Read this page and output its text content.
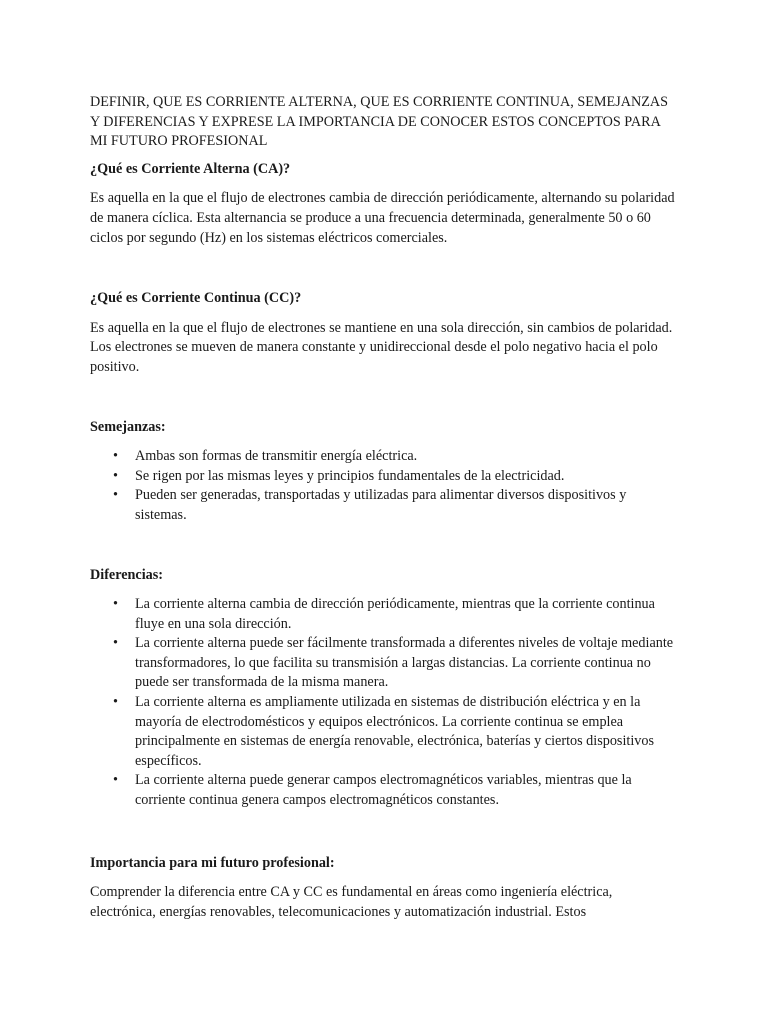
DEFINIR, QUE ES CORRIENTE ALTERNA, QUE ES CORRIENTE CONTINUA, SEMEJANZAS Y DIFERENCIAS Y EXPRESE LA IMPORTANCIA DE CONOCER ESTOS CONCEPTOS PARA MI FUTURO PROFESIONAL

¿Qué es Corriente Alterna (CA)?

Es aquella en la que el flujo de electrones cambia de dirección periódicamente, alternando su polaridad de manera cíclica. Esta alternancia se produce a una frecuencia determinada, generalmente 50 o 60 ciclos por segundo (Hz) en los sistemas eléctricos comerciales.

¿Qué es Corriente Continua (CC)?

Es aquella en la que el flujo de electrones se mantiene en una sola dirección, sin cambios de polaridad. Los electrones se mueven de manera constante y unidireccional desde el polo negativo hacia el polo positivo.

Semejanzas:

• Ambas son formas de transmitir energía eléctrica.
• Se rigen por las mismas leyes y principios fundamentales de la electricidad.
• Pueden ser generadas, transportadas y utilizadas para alimentar diversos dispositivos y sistemas.

Diferencias:

• La corriente alterna cambia de dirección periódicamente, mientras que la corriente continua fluye en una sola dirección.
• La corriente alterna puede ser fácilmente transformada a diferentes niveles de voltaje mediante transformadores, lo que facilita su transmisión a largas distancias. La corriente continua no puede ser transformada de la misma manera.
• La corriente alterna es ampliamente utilizada en sistemas de distribución eléctrica y en la mayoría de electrodomésticos y equipos electrónicos. La corriente continua se emplea principalmente en sistemas de energía renovable, electrónica, baterías y ciertos dispositivos específicos.
• La corriente alterna puede generar campos electromagnéticos variables, mientras que la corriente continua genera campos electromagnéticos constantes.

Importancia para mi futuro profesional:

Comprender la diferencia entre CA y CC es fundamental en áreas como ingeniería eléctrica, electrónica, energías renovables, telecomunicaciones y automatización industrial. Estos
